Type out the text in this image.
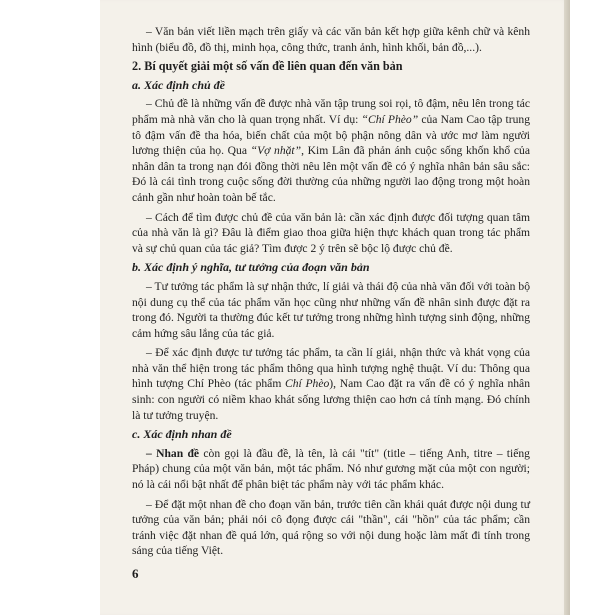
– Văn bản viết liền mạch trên giấy và các văn bản kết hợp giữa kênh chữ và kênh hình (biểu đồ, đồ thị, minh họa, công thức, tranh ảnh, hình khối, bản đồ,...).

2. Bí quyết giải một số vấn đề liên quan đến văn bản
a. Xác định chủ đề

– Chủ đề là những vấn đề được nhà văn tập trung soi rọi, tô đậm, nêu lên trong tác phẩm mà nhà văn cho là quan trọng nhất. Ví dụ: “Chí Phèo” của Nam Cao tập trung tô đậm vấn đề tha hóa, biến chất của một bộ phận nông dân và ước mơ làm người lương thiện của họ. Qua “Vợ nhặt”, Kim Lân đã phản ánh cuộc sống khốn khổ của nhân dân ta trong nạn đói đồng thời nêu lên một vấn đề có ý nghĩa nhân bản sâu sắc: Đó là cái tình trong cuộc sống đời thường của những người lao động trong một hoàn cảnh gần như hoàn toàn bế tắc.

– Cách để tìm được chủ đề của văn bản là: cần xác định được đối tượng quan tâm của nhà văn là gì? Đâu là điểm giao thoa giữa hiện thực khách quan trong tác phẩm và sự chủ quan của tác giả? Tìm được 2 ý trên sẽ bộc lộ được chủ đề.

b. Xác định ý nghĩa, tư tưởng của đoạn văn bản

– Tư tưởng tác phẩm là sự nhận thức, lí giải và thái độ của nhà văn đối với toàn bộ nội dung cụ thể của tác phẩm văn học cũng như những vấn đề nhân sinh được đặt ra trong đó. Người ta thường đúc kết tư tưởng trong những hình tượng sinh động, những cảm hứng sâu lắng của tác giả.

– Để xác định được tư tưởng tác phẩm, ta cần lí giải, nhận thức và khát vọng của nhà văn thể hiện trong tác phẩm thông qua hình tượng nghệ thuật. Ví du: Thông qua hình tượng Chí Phèo (tác phẩm Chí Phèo), Nam Cao đặt ra vấn đề có ý nghĩa nhân sinh: con người có niềm khao khát sống lương thiện cao hơn cả tính mạng. Đó chính là tư tưởng truyện.

c. Xác định nhan đề

– Nhan đề còn gọi là đầu đề, là tên, là cái "tít" (title – tiếng Anh, titre – tiếng Pháp) chung của một văn bản, một tác phẩm. Nó như gương mặt của một con người; nó là cái nổi bật nhất để phân biệt tác phẩm này với tác phẩm khác.

– Để đặt một nhan đề cho đoạn văn bản, trước tiên cần khái quát được nội dung tư tưởng của văn bản; phải nói cô đọng được cái "thần", cái "hồn" của tác phẩm; cần tránh việc đặt nhan đề quá lớn, quá rộng so với nội dung hoặc làm mất đi tính trong sáng của tiếng Việt.

6
